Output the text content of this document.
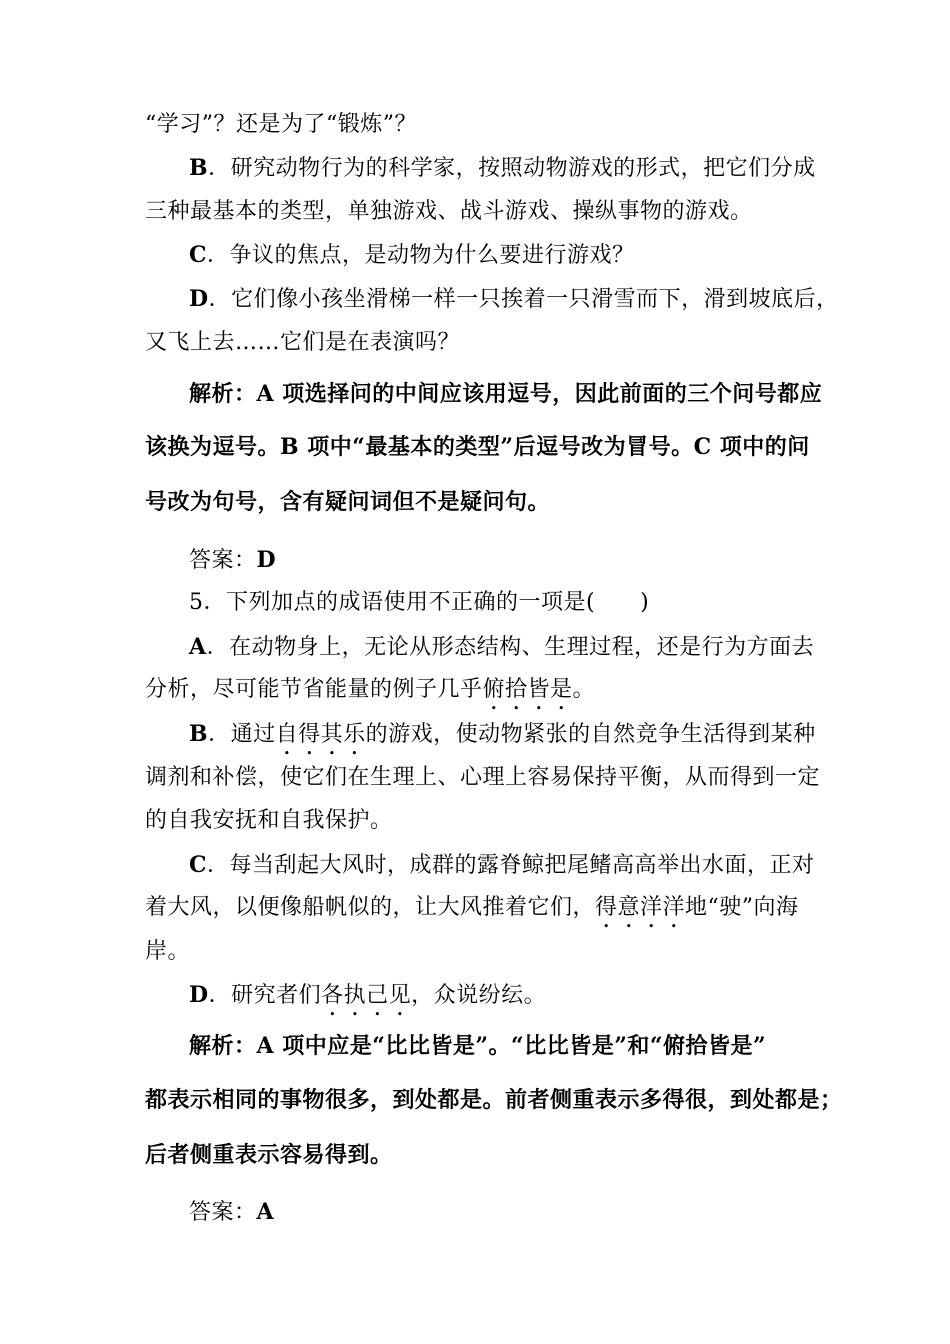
“学习”？还是为了“锻炼”？
B．研究动物行为的科学家，按照动物游戏的形式，把它们分成
三种最基本的类型，单独游戏、战斗游戏、操纵事物的游戏。
C．争议的焦点，是动物为什么要进行游戏？
D．它们像小孩坐滑梯一样一只挨着一只滑雪而下，滑到坡底后，
又飞上去……它们是在表演吗？
解析：A 项选择问的中间应该用逗号，因此前面的三个问号都应
该换为逗号。B 项中“最基本的类型”后逗号改为冒号。C 项中的问
号改为句号，含有疑问词但不是疑问句。
答案：D
5．下列加点的成语使用不正确的一项是(　　)
A．在动物身上，无论从形态结构、生理过程，还是行为方面去
分析，尽可能节省能量的例子几乎俯拾皆是。
B．通过自得其乐的游戏，使动物紧张的自然竞争生活得到某种
调剂和补偿，使它们在生理上、心理上容易保持平衡，从而得到一定
的自我安抚和自我保护。
C．每当刮起大风时，成群的露脊鲸把尾鳍高高举出水面，正对
着大风，以便像船帆似的，让大风推着它们，得意洋洋地“驶”向海
岸。
D．研究者们各执己见，众说纷纭。
解析：A 项中应是“比比皆是”。“比比皆是”和“俯拾皆是”
都表示相同的事物很多，到处都是。前者侧重表示多得很，到处都是；
后者侧重表示容易得到。
答案：A
